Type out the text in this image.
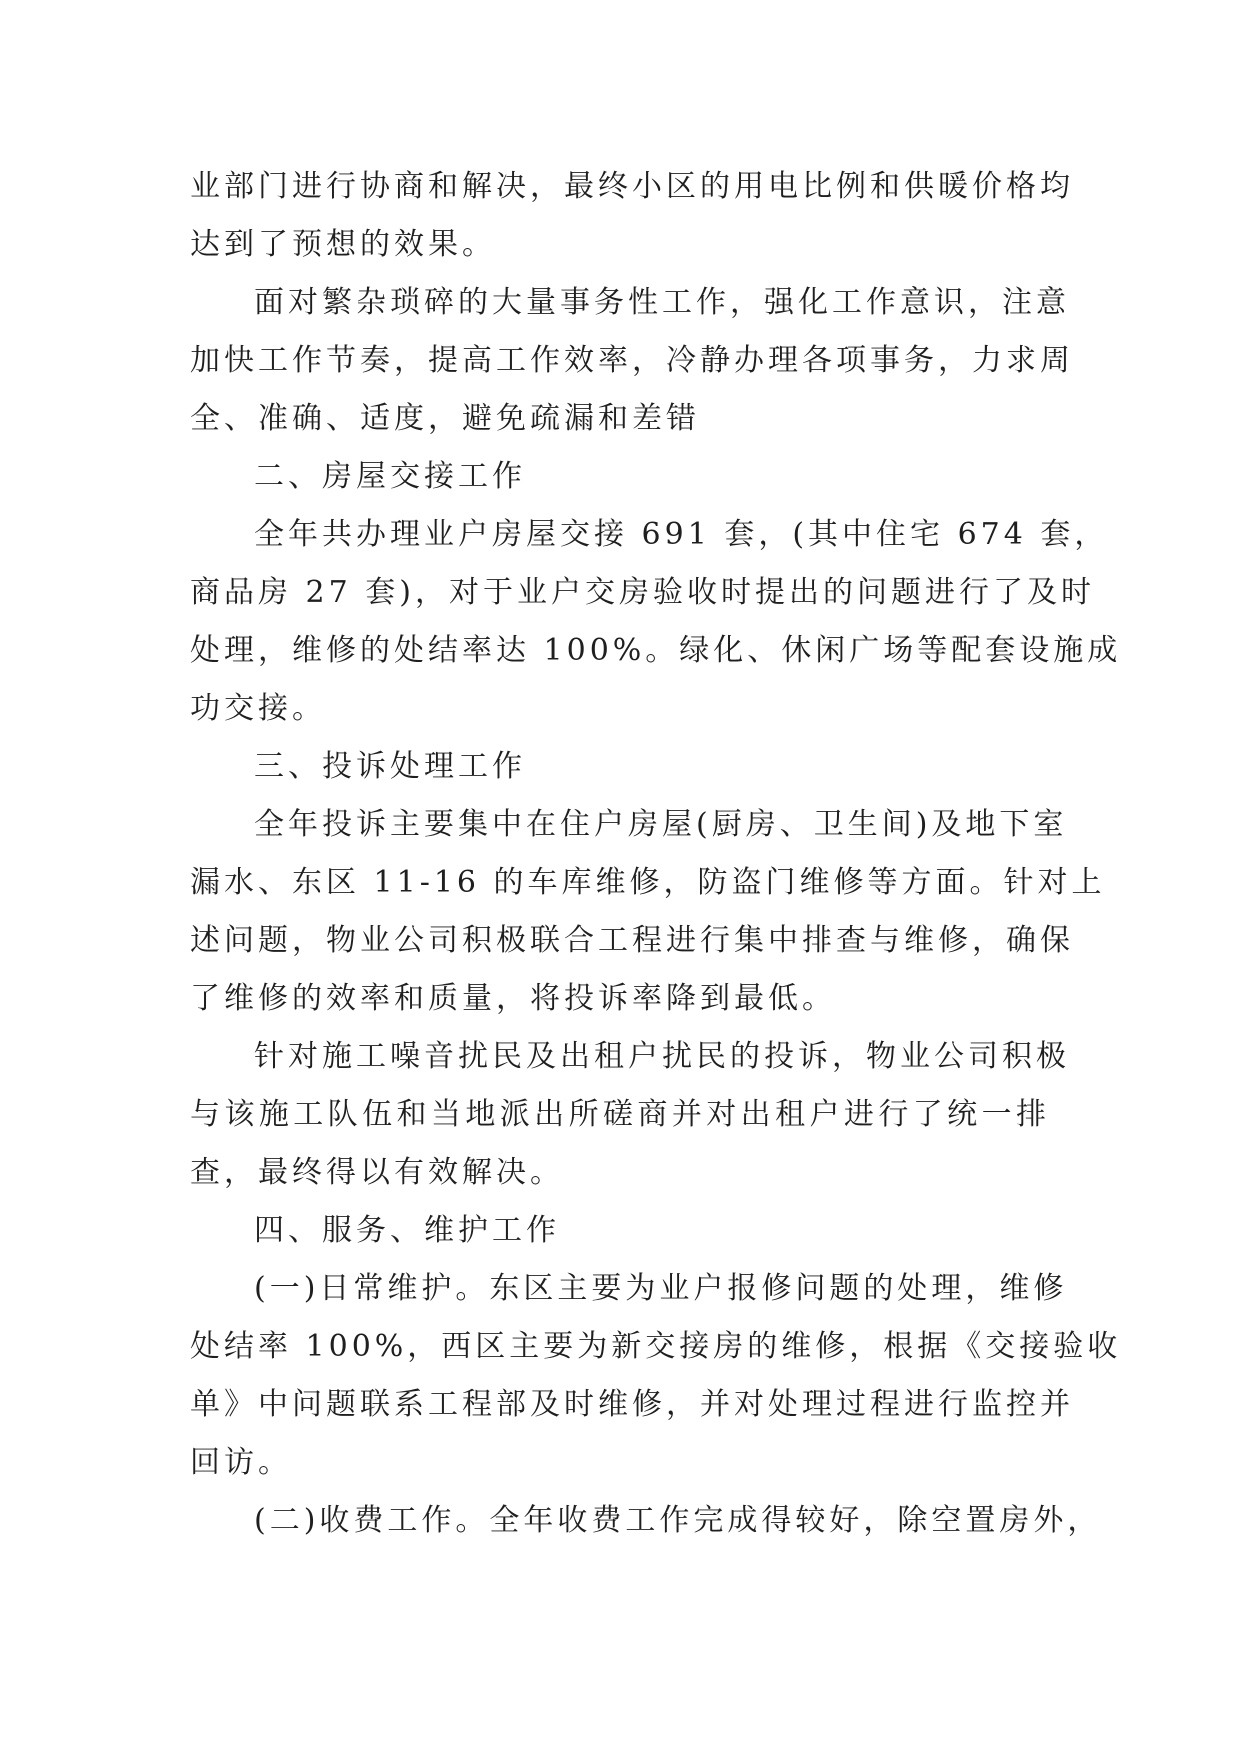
业部门进行协商和解决，最终小区的用电比例和供暖价格均
达到了预想的效果。
面对繁杂琐碎的大量事务性工作，强化工作意识，注意
加快工作节奏，提高工作效率，冷静办理各项事务，力求周
全、准确、适度，避免疏漏和差错
二、房屋交接工作
全年共办理业户房屋交接 691 套，(其中住宅 674 套，
商品房 27 套)，对于业户交房验收时提出的问题进行了及时
处理，维修的处结率达 100%。绿化、休闲广场等配套设施成
功交接。
三、投诉处理工作
全年投诉主要集中在住户房屋(厨房、卫生间)及地下室
漏水、东区 11-16 的车库维修，防盗门维修等方面。针对上
述问题，物业公司积极联合工程进行集中排查与维修，确保
了维修的效率和质量，将投诉率降到最低。
针对施工噪音扰民及出租户扰民的投诉，物业公司积极
与该施工队伍和当地派出所磋商并对出租户进行了统一排
查，最终得以有效解决。
四、服务、维护工作
(一)日常维护。东区主要为业户报修问题的处理，维修
处结率 100%，西区主要为新交接房的维修，根据《交接验收
单》中问题联系工程部及时维修，并对处理过程进行监控并
回访。
(二)收费工作。全年收费工作完成得较好，除空置房外，
